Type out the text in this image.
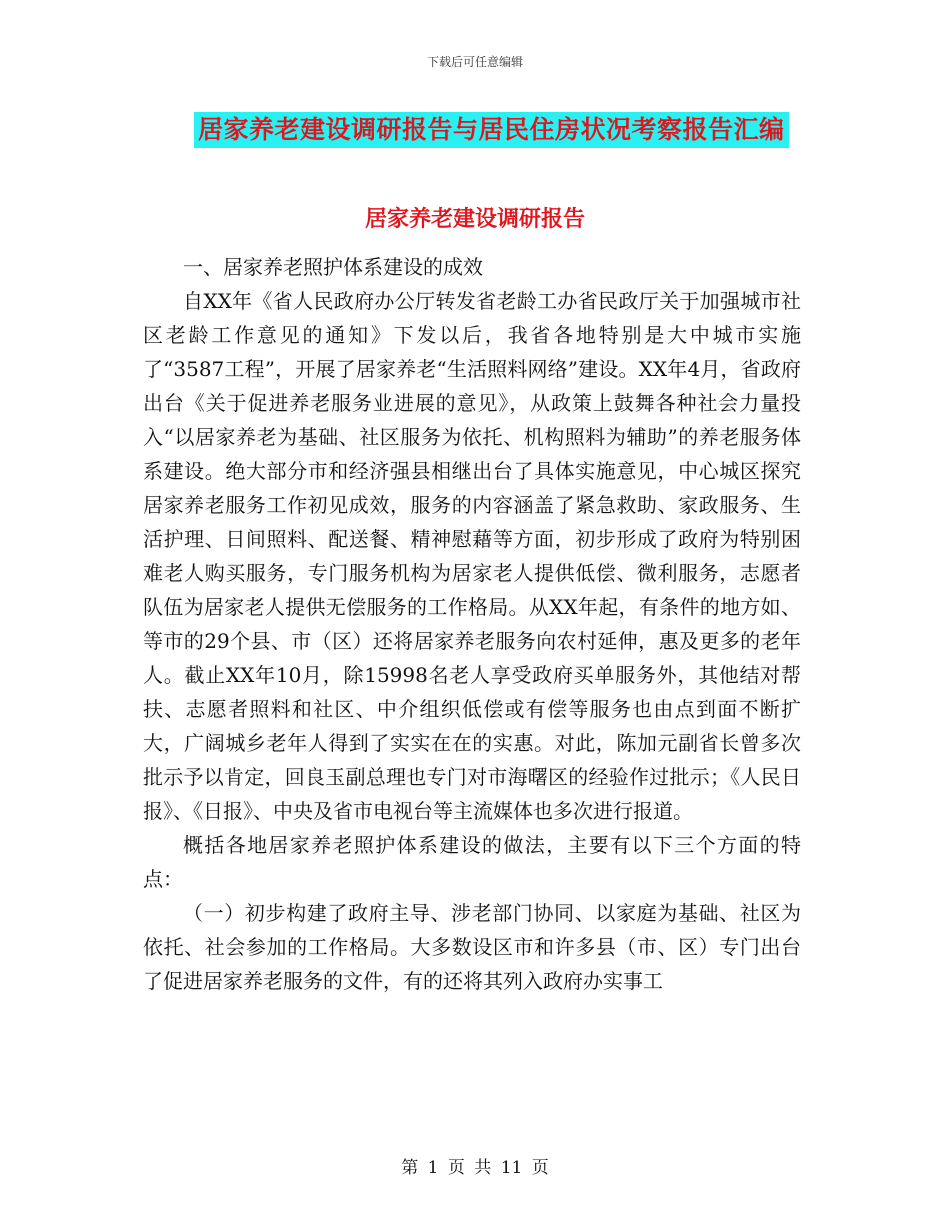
下载后可任意编辑
居家养老建设调研报告与居民住房状况考察报告汇编
居家养老建设调研报告

一、居家养老照护体系建设的成效

自XX年《省人民政府办公厅转发省老龄工办省民政厅关于加强城市社区老龄工作意见的通知》下发以后，我省各地特别是大中城市实施了“3587工程”，开展了居家养老“生活照料网络”建设。XX年4月，省政府出台《关于促进养老服务业进展的意见》，从政策上鼓舞各种社会力量投入“以居家养老为基础、社区服务为依托、机构照料为辅助”的养老服务体系建设。绝大部分市和经济强县相继出台了具体实施意见，中心城区探究居家养老服务工作初见成效，服务的内容涵盖了紧急救助、家政服务、生活护理、日间照料、配送餐、精神慰藉等方面，初步形成了政府为特别困难老人购买服务，专门服务机构为居家老人提供低偿、微利服务，志愿者队伍为居家老人提供无偿服务的工作格局。从XX年起，有条件的地方如、等市的29个县、市（区）还将居家养老服务向农村延伸，惠及更多的老年人。截止XX年10月，除15998名老人享受政府买单服务外，其他结对帮扶、志愿者照料和社区、中介组织低偿或有偿等服务也由点到面不断扩大，广阔城乡老年人得到了实实在在的实惠。对此，陈加元副省长曾多次批示予以肯定，回良玉副总理也专门对市海曙区的经验作过批示；《人民日报》、《日报》、中央及省市电视台等主流媒体也多次进行报道。

概括各地居家养老照护体系建设的做法，主要有以下三个方面的特点：

（一）初步构建了政府主导、涉老部门协同、以家庭为基础、社区为依托、社会参加的工作格局。大多数设区市和许多县（市、区）专门出台了促进居家养老服务的文件，有的还将其列入政府办实事工

第 1 页 共 11 页
